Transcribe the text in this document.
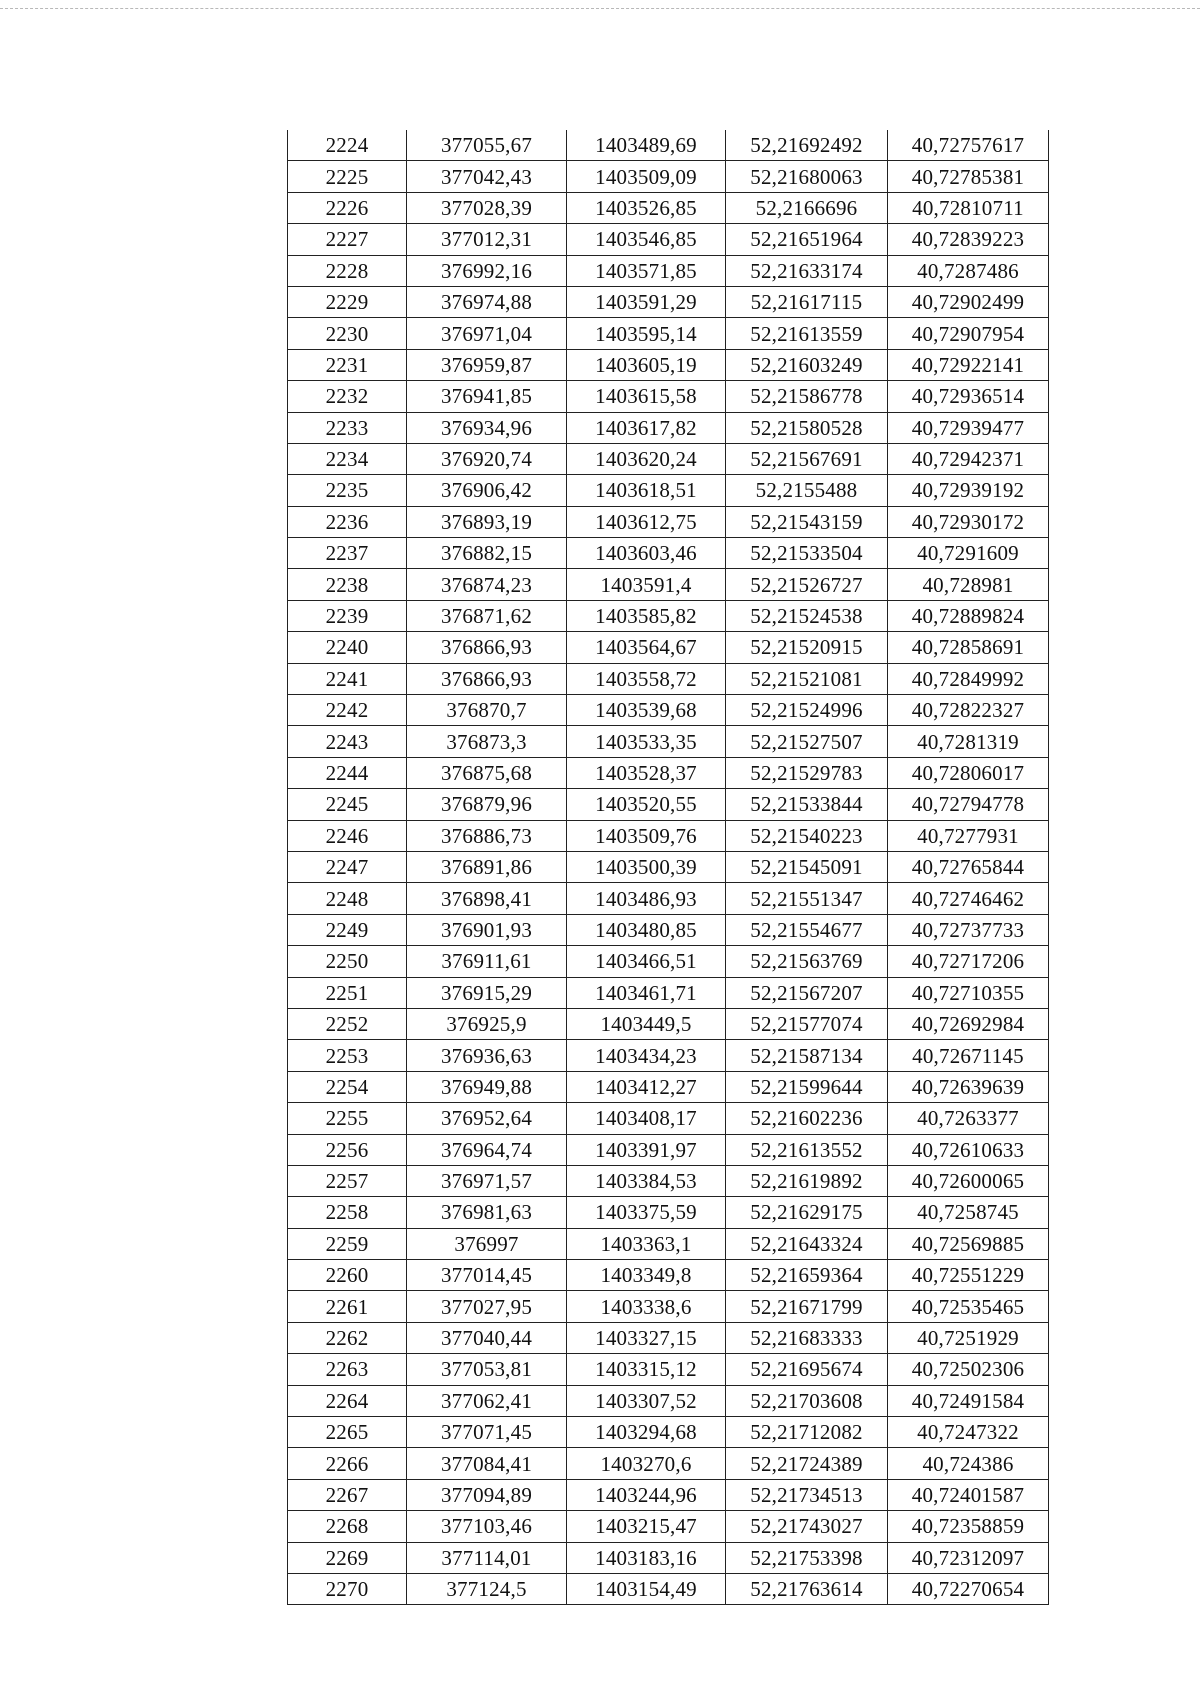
2224	377055,67	1403489,69	52,21692492	40,72757617
2225	377042,43	1403509,09	52,21680063	40,72785381
2226	377028,39	1403526,85	52,2166696	40,72810711
2227	377012,31	1403546,85	52,21651964	40,72839223
2228	376992,16	1403571,85	52,21633174	40,7287486
2229	376974,88	1403591,29	52,21617115	40,72902499
2230	376971,04	1403595,14	52,21613559	40,72907954
2231	376959,87	1403605,19	52,21603249	40,72922141
2232	376941,85	1403615,58	52,21586778	40,72936514
2233	376934,96	1403617,82	52,21580528	40,72939477
2234	376920,74	1403620,24	52,21567691	40,72942371
2235	376906,42	1403618,51	52,2155488	40,72939192
2236	376893,19	1403612,75	52,21543159	40,72930172
2237	376882,15	1403603,46	52,21533504	40,7291609
2238	376874,23	1403591,4	52,21526727	40,728981
2239	376871,62	1403585,82	52,21524538	40,72889824
2240	376866,93	1403564,67	52,21520915	40,72858691
2241	376866,93	1403558,72	52,21521081	40,72849992
2242	376870,7	1403539,68	52,21524996	40,72822327
2243	376873,3	1403533,35	52,21527507	40,7281319
2244	376875,68	1403528,37	52,21529783	40,72806017
2245	376879,96	1403520,55	52,21533844	40,72794778
2246	376886,73	1403509,76	52,21540223	40,7277931
2247	376891,86	1403500,39	52,21545091	40,72765844
2248	376898,41	1403486,93	52,21551347	40,72746462
2249	376901,93	1403480,85	52,21554677	40,72737733
2250	376911,61	1403466,51	52,21563769	40,72717206
2251	376915,29	1403461,71	52,21567207	40,72710355
2252	376925,9	1403449,5	52,21577074	40,72692984
2253	376936,63	1403434,23	52,21587134	40,72671145
2254	376949,88	1403412,27	52,21599644	40,72639639
2255	376952,64	1403408,17	52,21602236	40,7263377
2256	376964,74	1403391,97	52,21613552	40,72610633
2257	376971,57	1403384,53	52,21619892	40,72600065
2258	376981,63	1403375,59	52,21629175	40,7258745
2259	376997	1403363,1	52,21643324	40,72569885
2260	377014,45	1403349,8	52,21659364	40,72551229
2261	377027,95	1403338,6	52,21671799	40,72535465
2262	377040,44	1403327,15	52,21683333	40,7251929
2263	377053,81	1403315,12	52,21695674	40,72502306
2264	377062,41	1403307,52	52,21703608	40,72491584
2265	377071,45	1403294,68	52,21712082	40,7247322
2266	377084,41	1403270,6	52,21724389	40,724386
2267	377094,89	1403244,96	52,21734513	40,72401587
2268	377103,46	1403215,47	52,21743027	40,72358859
2269	377114,01	1403183,16	52,21753398	40,72312097
2270	377124,5	1403154,49	52,21763614	40,72270654
